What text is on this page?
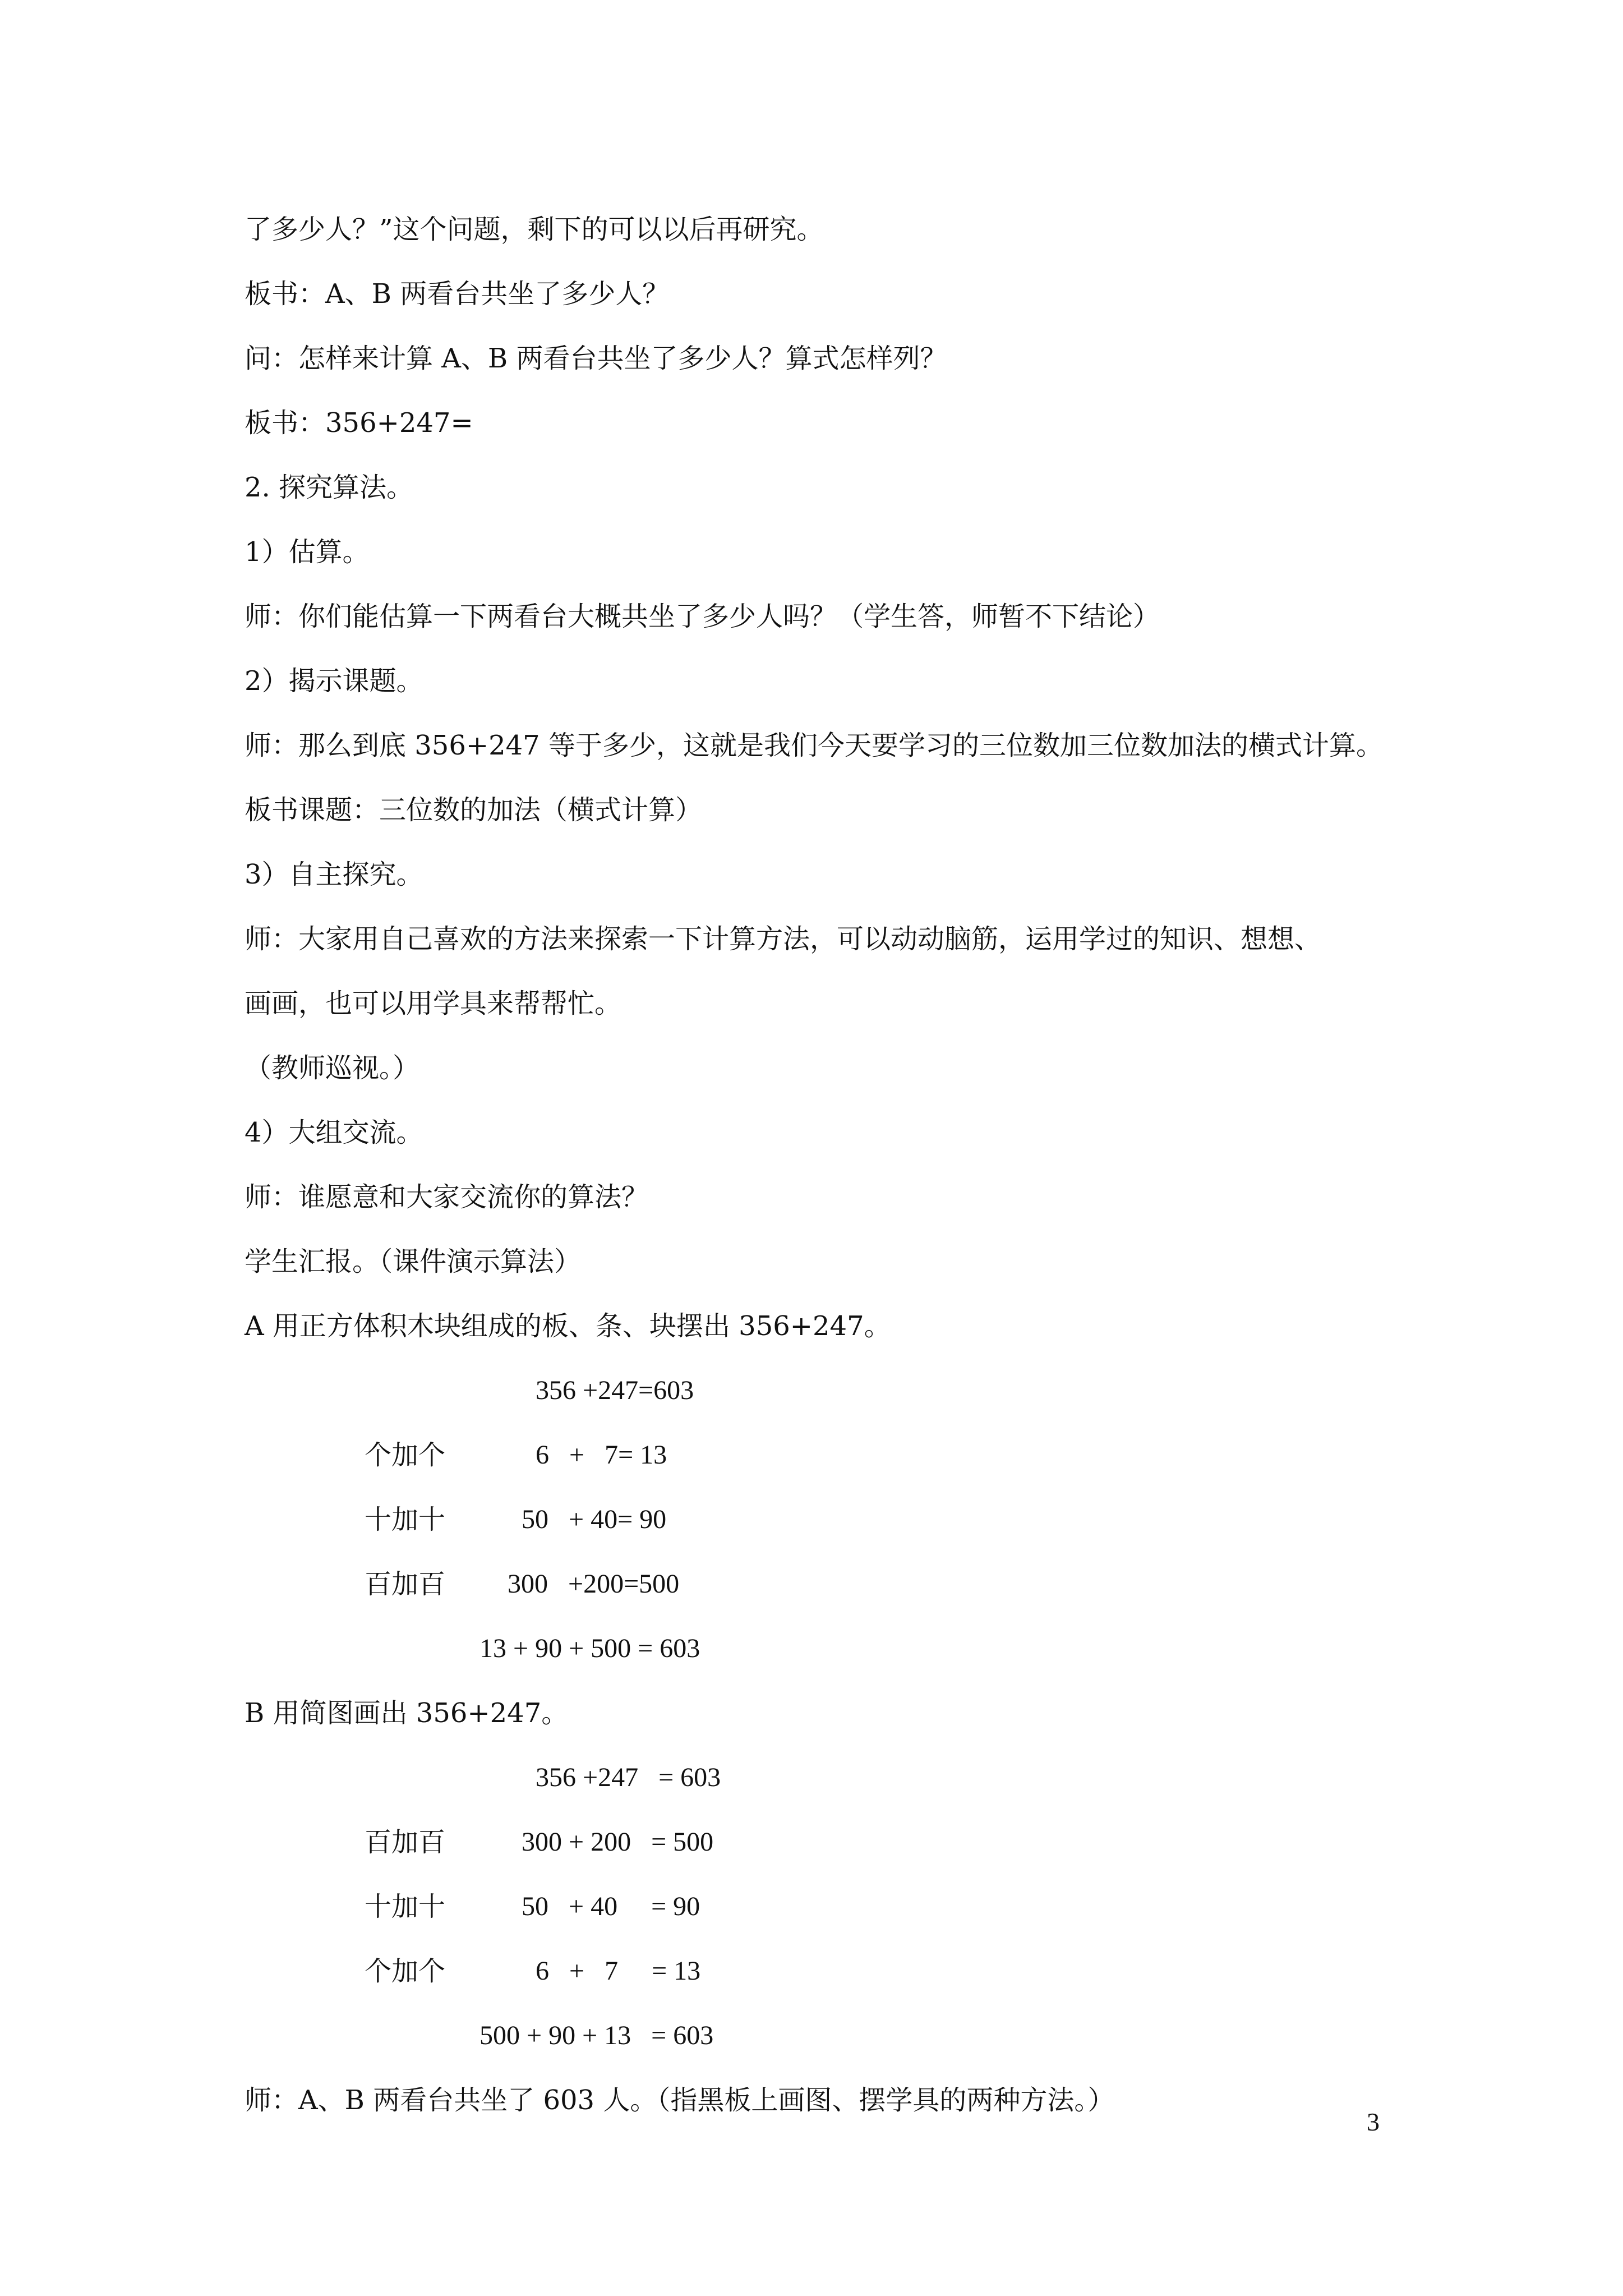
了多少人？”这个问题，剩下的可以以后再研究。
板书：A、B 两看台共坐了多少人？
问：怎样来计算 A、B 两看台共坐了多少人？算式怎样列？
板书：356+247=
2. 探究算法。
1）估算。
师：你们能估算一下两看台大概共坐了多少人吗？（学生答，师暂不下结论）
2）揭示课题。
师：那么到底 356+247 等于多少，这就是我们今天要学习的三位数加三位数加法的横式计算。
板书课题：三位数的加法（横式计算）
3）自主探究。
师：大家用自己喜欢的方法来探索一下计算方法，可以动动脑筋，运用学过的知识、想想、
画画，也可以用学具来帮帮忙。
（教师巡视。）
4）大组交流。
师：谁愿意和大家交流你的算法？
学生汇报。（课件演示算法）
A 用正方体积木块组成的板、条、块摆出 356+247。
356 +247=603
个加个	6   +   7= 13
十加十	50   + 40= 90
百加百 300   +200=500
13 + 90 + 500 = 603
B 用简图画出 356+247。
356 +247   = 603
百加百	300 + 200   = 500
十加十	50   + 40     = 90
个加个	6   +   7     = 13
500 + 90 + 13   = 603
师：A、B 两看台共坐了 603 人。（指黑板上画图、摆学具的两种方法。）
3
